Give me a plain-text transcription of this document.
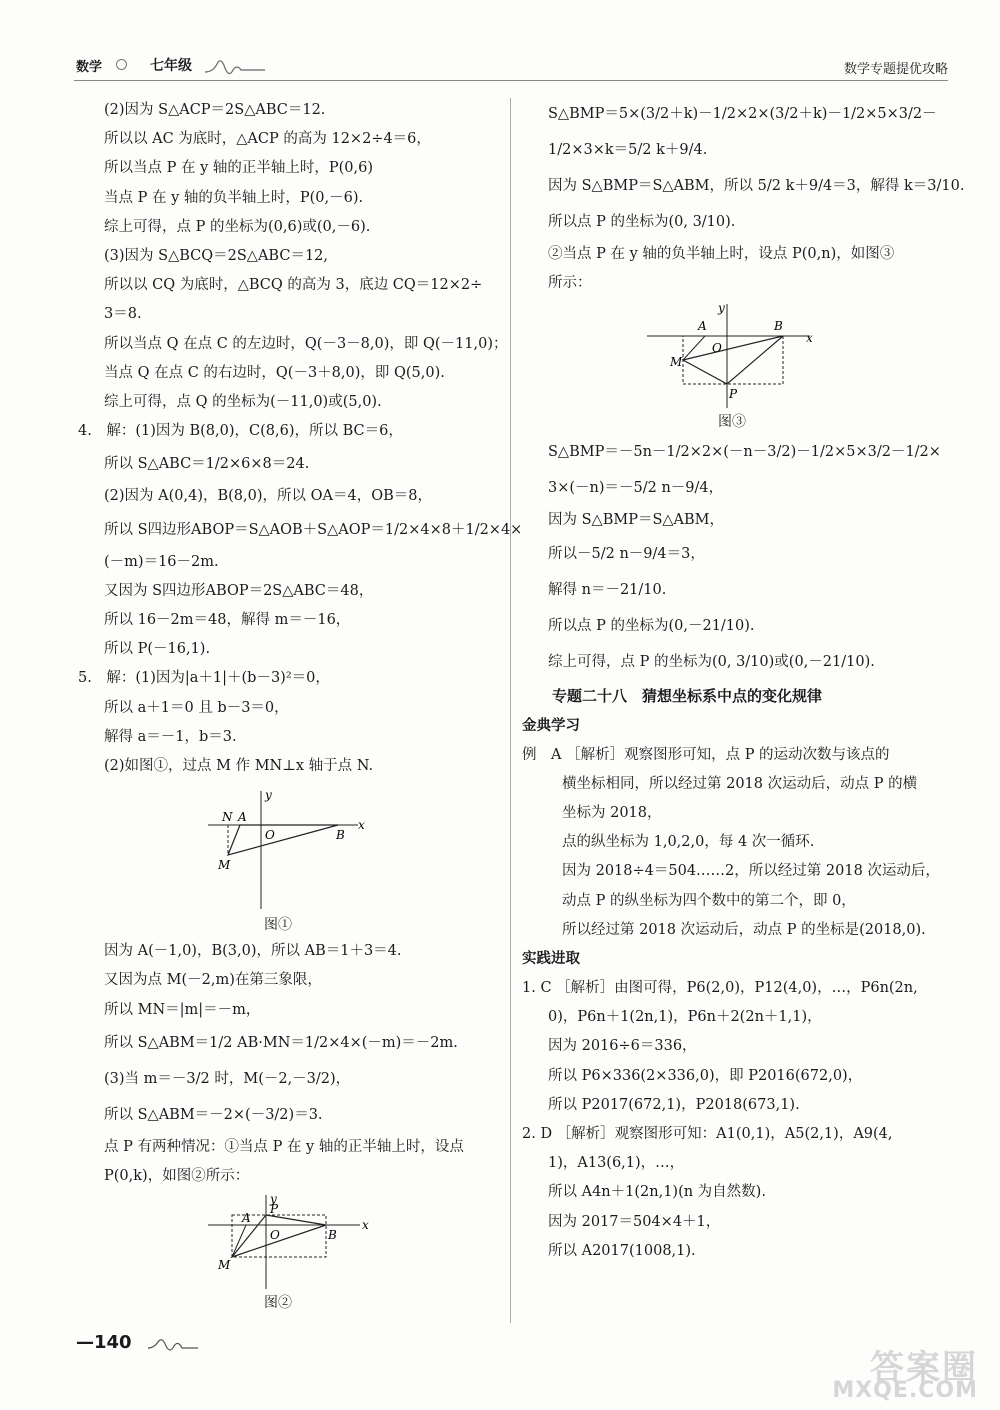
数学	七年级	数学专题提优攻略
(2)因为 S△ACP＝2S△ABC＝12.
所以以 AC 为底时，△ACP 的高为 12×2÷4＝6，
所以当点 P 在 y 轴的正半轴上时，P(0,6)
当点 P 在 y 轴的负半轴上时，P(0,－6).
综上可得，点 P 的坐标为(0,6)或(0,－6).
(3)因为 S△BCQ＝2S△ABC＝12,
所以以 CQ 为底时，△BCQ 的高为 3，底边 CQ＝12×2÷
3＝8.
所以当点 Q 在点 C 的左边时，Q(－3－8,0)，即 Q(－11,0)；
当点 Q 在点 C 的右边时，Q(－3＋8,0)，即 Q(5,0).
综上可得，点 Q 的坐标为(－11,0)或(5,0).
4.　解：(1)因为 B(8,0)，C(8,6)，所以 BC＝6，
所以 S△ABC＝1/2×6×8＝24.
(2)因为 A(0,4)，B(8,0)，所以 OA＝4，OB＝8，
所以 S四边形ABOP＝S△AOB＋S△AOP＝1/2×4×8＋1/2×4×
(－m)＝16－2m.
又因为 S四边形ABOP＝2S△ABC＝48，
所以 16－2m＝48，解得 m＝－16，
所以 P(－16,1).
5.　解：(1)因为|a＋1|＋(b－3)²＝0，
所以 a＋1＝0 且 b－3＝0，
解得 a＝－1，b＝3.
(2)如图①，过点 M 作 MN⊥x 轴于点 N.
y
x
N A
O	B
M
图①
因为 A(－1,0)，B(3,0)，所以 AB＝1＋3＝4.
又因为点 M(－2,m)在第三象限，
所以 MN＝|m|＝－m，
所以 S△ABM＝1/2 AB·MN＝1/2×4×(－m)＝－2m.
(3)当 m＝－3/2 时，M(－2,－3/2)，
所以 S△ABM＝－2×(－3/2)＝3.
点 P 有两种情况：①当点 P 在 y 轴的正半轴上时，设点
P(0,k)，如图②所示：
y
x
A
P
O	B
M
图②
S△BMP＝5×(3/2＋k)－1/2×2×(3/2＋k)－1/2×5×3/2－
1/2×3×k＝5/2 k＋9/4.
因为 S△BMP＝S△ABM，所以 5/2 k＋9/4＝3，解得 k＝3/10.
所以点 P 的坐标为(0, 3/10).
②当点 P 在 y 轴的负半轴上时，设点 P(0,n)，如图③
所示：
y
x
A	B
O
M
P
图③
S△BMP＝－5n－1/2×2×(－n－3/2)－1/2×5×3/2－1/2×
3×(－n)＝－5/2 n－9/4，
因为 S△BMP＝S△ABM，
所以－5/2 n－9/4＝3，
解得 n＝－21/10.
所以点 P 的坐标为(0,－21/10).
综上可得，点 P 的坐标为(0, 3/10)或(0,－21/10).
专题二十八　猜想坐标系中点的变化规律
金典学习
例　A ［解析］观察图形可知，点 P 的运动次数与该点的
横坐标相同，所以经过第 2018 次运动后，动点 P 的横
坐标为 2018，
点的纵坐标为 1,0,2,0，每 4 次一循环.
因为 2018÷4＝504……2，所以经过第 2018 次运动后，
动点 P 的纵坐标为四个数中的第二个，即 0，
所以经过第 2018 次运动后，动点 P 的坐标是(2018,0).
实践进取
1. C ［解析］由图可得，P6(2,0)，P12(4,0)，…，P6n(2n,
0)，P6n＋1(2n,1)，P6n＋2(2n＋1,1)，
因为 2016÷6＝336，
所以 P6×336(2×336,0)，即 P2016(672,0)，
所以 P2017(672,1)，P2018(673,1).
2. D ［解析］观察图形可知：A1(0,1)，A5(2,1)，A9(4,
1)，A13(6,1)，…，
所以 A4n＋1(2n,1)(n 为自然数).
因为 2017＝504×4＋1，
所以 A2017(1008,1).
—140
答案圈
MXQE.COM
